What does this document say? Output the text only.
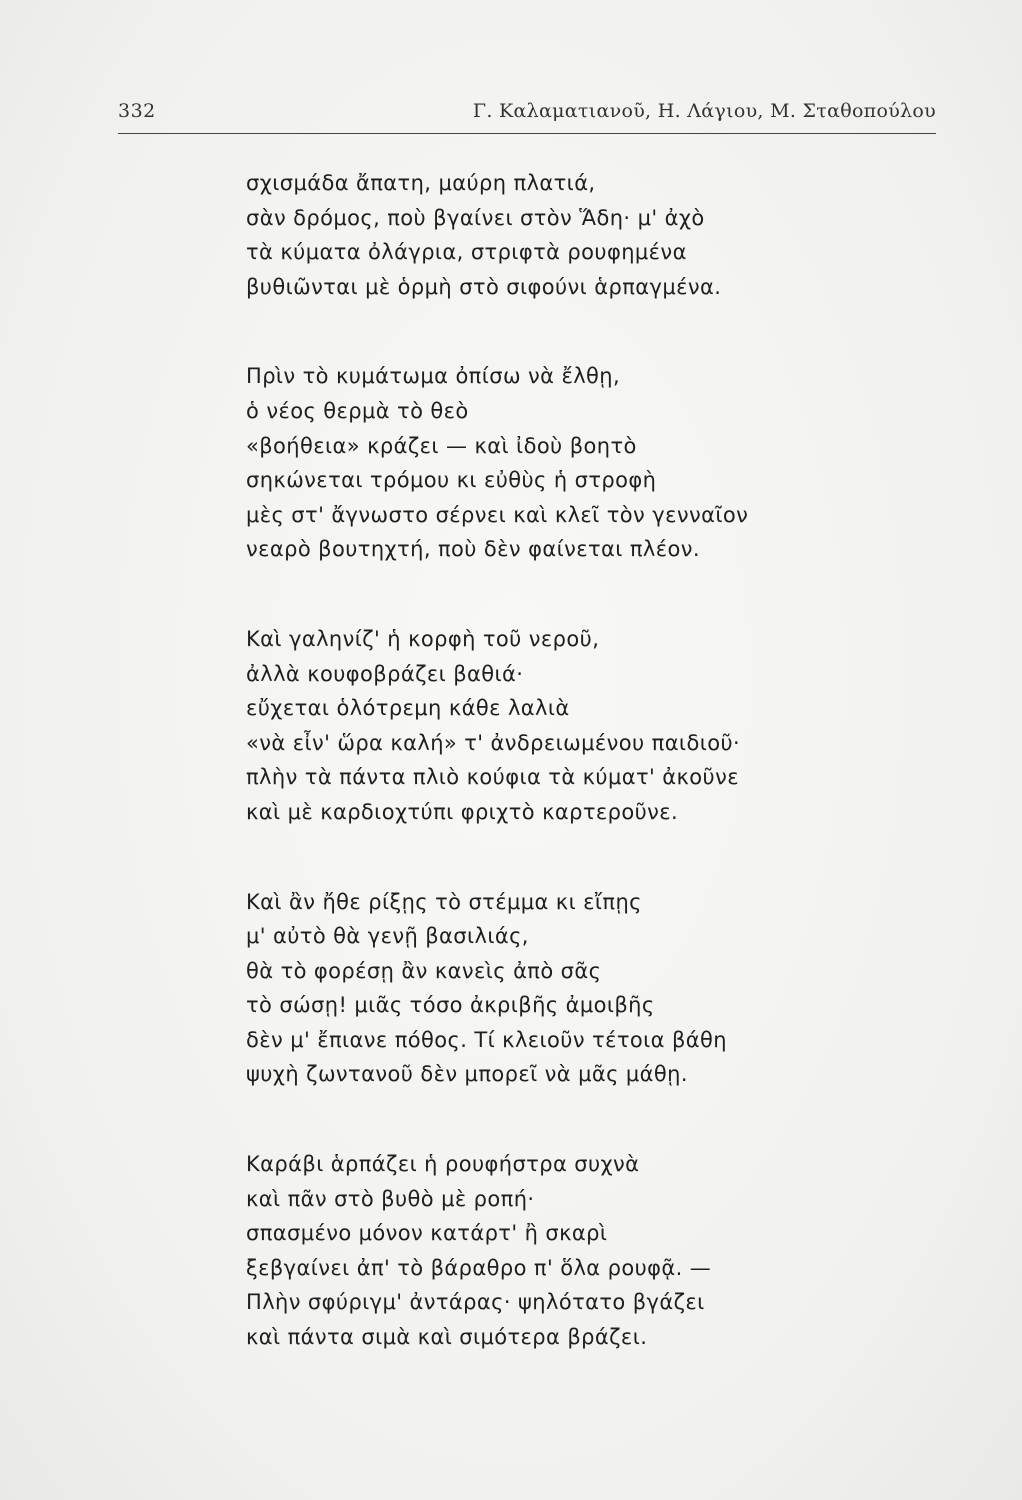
332	Γ. Καλαματιανοῦ, Η. Λάγιου, Μ. Σταθοπούλου
σχισμάδα ἄπατη, μαύρη πλατιά,
σὰν δρόμος, ποὺ βγαίνει στὸν Ἅδη· μ' ἀχὸ
τὰ κύματα ὀλάγρια, στριφτὰ ρουφημένα
βυθιῶνται μὲ ὁρμὴ στὸ σιφούνι ἁρπαγμένα.
Πρὶν τὸ κυμάτωμα ὀπίσω νὰ ἔλθῃ,
ὁ νέος θερμὰ τὸ θεὸ
«βοήθεια» κράζει — καὶ ἰδοὺ βοητὸ
σηκώνεται τρόμου κι εὐθὺς ἡ στροφὴ
μὲς στ' ἄγνωστο σέρνει καὶ κλεῖ τὸν γενναῖον
νεαρὸ βουτηχτή, ποὺ δὲν φαίνεται πλέον.
Καὶ γαληνίζ' ἡ κορφὴ τοῦ νεροῦ,
ἀλλὰ κουφοβράζει βαθιά·
εὔχεται ὁλότρεμη κάθε λαλιὰ
«νὰ εἶν' ὥρα καλή» τ' ἀνδρειωμένου παιδιοῦ·
πλὴν τὰ πάντα πλιὸ κούφια τὰ κύματ' ἀκοῦνε
καὶ μὲ καρδιοχτύπι φριχτὸ καρτεροῦνε.
Καὶ ἂν ἤθε ρίξῃς τὸ στέμμα κι εἴπῃς
μ' αὐτὸ θὰ γενῇ βασιλιάς,
θὰ τὸ φορέσῃ ἂν κανεὶς ἀπὸ σᾶς
τὸ σώσῃ! μιᾶς τόσο ἀκριβῆς ἀμοιβῆς
δὲν μ' ἔπιανε πόθος. Τί κλειοῦν τέτοια βάθη
ψυχὴ ζωντανοῦ δὲν μπορεῖ νὰ μᾶς μάθῃ.
Καράβι ἁρπάζει ἡ ρουφήστρα συχνὰ
καὶ πᾶν στὸ βυθὸ μὲ ροπή·
σπασμένο μόνον κατάρτ' ἢ σκαρὶ
ξεβγαίνει ἀπ' τὸ βάραθρο π' ὅλα ρουφᾷ. —
Πλὴν σφύριγμ' ἀντάρας· ψηλότατο βγάζει
καὶ πάντα σιμὰ καὶ σιμότερα βράζει.
